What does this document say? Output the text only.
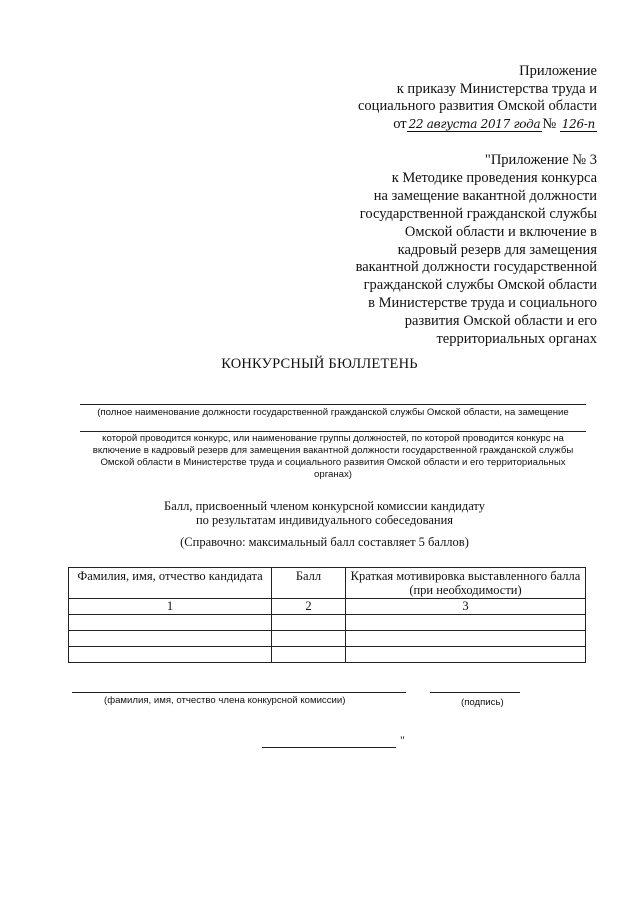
Приложение
к приказу Министерства труда и
социального развития Омской области
от 22 августа 2017 года № 126-п
"Приложение № 3
к Методике проведения конкурса
на замещение вакантной должности
государственной гражданской службы
Омской области и включение в
кадровый резерв для замещения
вакантной должности государственной
гражданской службы Омской области
в Министерстве труда и социального
развития Омской области и его
территориальных органах
КОНКУРСНЫЙ БЮЛЛЕТЕНЬ
(полное наименование должности государственной гражданской службы Омской области, на замещение
которой проводится конкурс, или наименование группы должностей, по которой проводится конкурс на
включение в кадровый резерв для замещения вакантной должности государственной гражданской службы
Омской области в Министерстве труда и социального развития Омской области и его территориальных
органах)
Балл, присвоенный членом конкурсной комиссии кандидату
по результатам индивидуального собеседования
(Справочно: максимальный балл составляет 5 баллов)
Фамилия, имя, отчество кандидата	Балл	Краткая мотивировка выставленного балла (при необходимости)
1	2	3

(фамилия, имя, отчество члена конкурсной комиссии)	(подпись)
"
